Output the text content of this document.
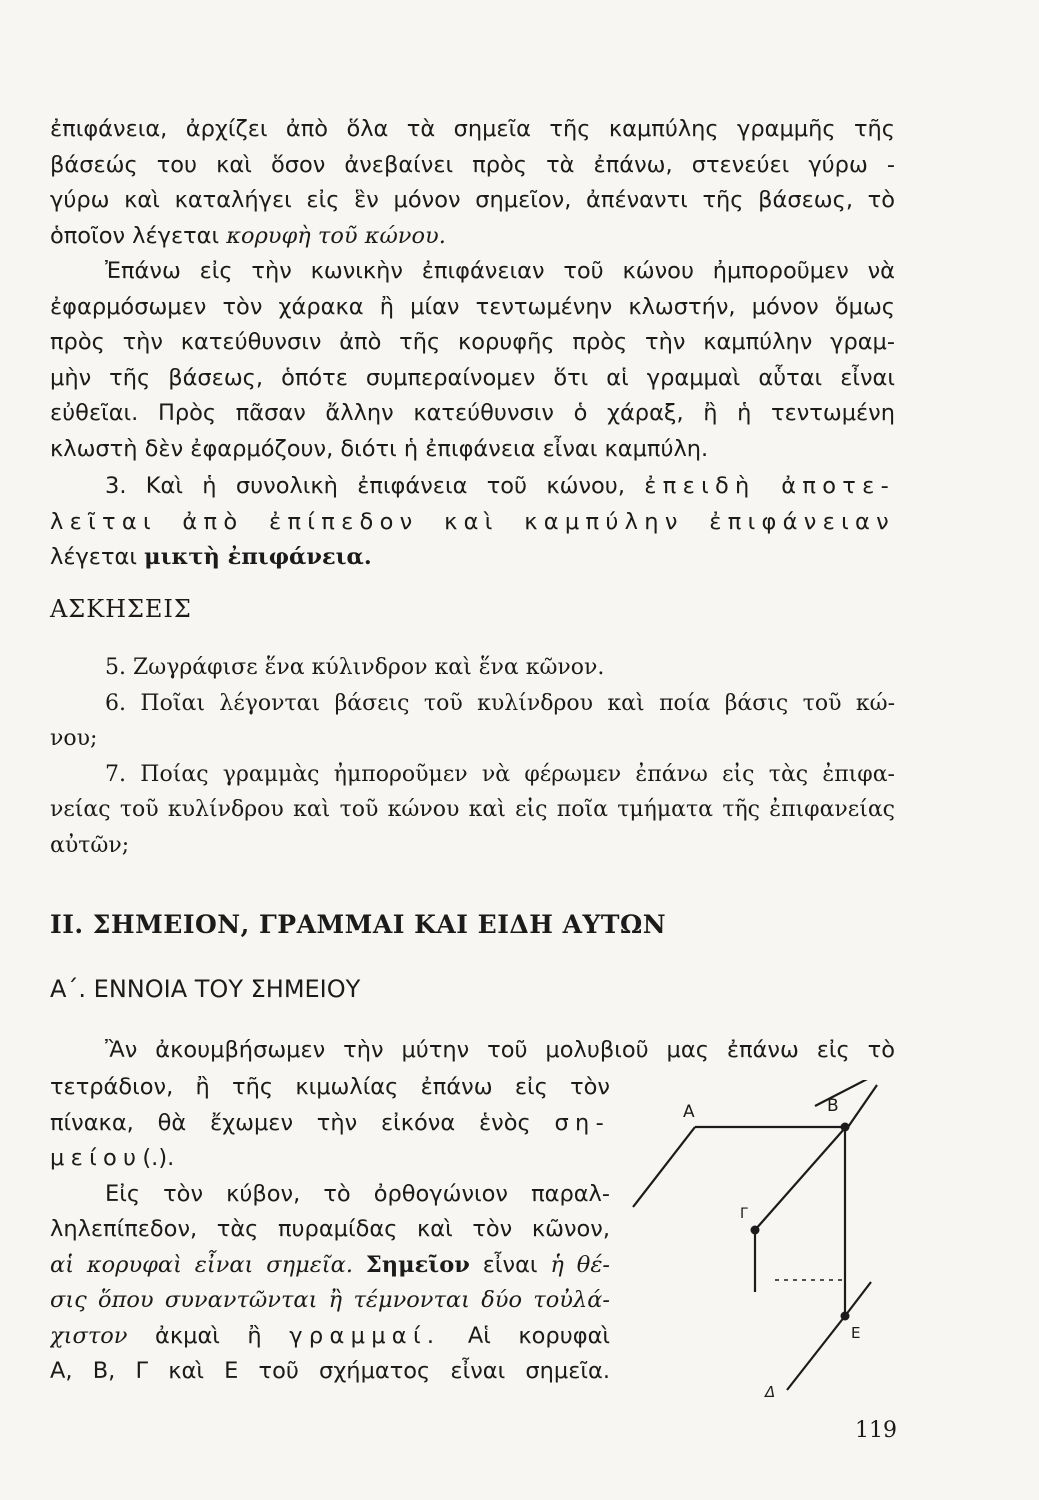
ἐπιφάνεια, ἀρχίζει ἀπὸ ὅλα τὰ σημεῖα τῆς καμπύλης γραμμῆς τῆς
βάσεώς του καὶ ὅσον ἀνεβαίνει πρὸς τὰ ἐπάνω, στενεύει γύρω -
γύρω καὶ καταλήγει εἰς ἓν μόνον σημεῖον, ἀπέναντι τῆς βάσεως, τὸ
ὁποῖον λέγεται κορυφὴ τοῦ κώνου.
Ἐπάνω εἰς τὴν κωνικὴν ἐπιφάνειαν τοῦ κώνου ἠμποροῦμεν νὰ
ἐφαρμόσωμεν τὸν χάρακα ἢ μίαν τεντωμένην κλωστήν, μόνον ὅμως
πρὸς τὴν κατεύθυνσιν ἀπὸ τῆς κορυφῆς πρὸς τὴν καμπύλην γραμ-
μὴν τῆς βάσεως, ὁπότε συμπεραίνομεν ὅτι αἱ γραμμαὶ αὗται εἶναι
εὐθεῖαι. Πρὸς πᾶσαν ἄλλην κατεύθυνσιν ὁ χάραξ, ἢ ἡ τεντωμένη
κλωστὴ δὲν ἐφαρμόζουν, διότι ἡ ἐπιφάνεια εἶναι καμπύλη.
3. Καὶ ἡ συνολικὴ ἐπιφάνεια τοῦ κώνου, ἐπειδὴ ἀποτε-
λεῖται ἀπὸ ἐπίπεδον καὶ καμπύλην ἐπιφάνειαν
λέγεται μικτὴ ἐπιφάνεια.
ΑΣΚΗΣΕΙΣ
5. Ζωγράφισε ἕνα κύλινδρον καὶ ἕνα κῶνον.
6. Ποῖαι λέγονται βάσεις τοῦ κυλίνδρου καὶ ποία βάσις τοῦ κώ-
νου;
7. Ποίας γραμμὰς ἠμποροῦμεν νὰ φέρωμεν ἐπάνω εἰς τὰς ἐπιφα-
νείας τοῦ κυλίνδρου καὶ τοῦ κώνου καὶ εἰς ποῖα τμήματα τῆς ἐπιφανείας
αὐτῶν;
II. ΣΗΜΕΙΟΝ, ΓΡΑΜΜΑΙ ΚΑΙ ΕΙΔΗ ΑΥΤΩΝ
Α΄. ΕΝΝΟΙΑ ΤΟΥ ΣΗΜΕΙΟΥ
Ἂν ἀκουμβήσωμεν τὴν μύτην τοῦ μολυβιοῦ μας ἐπάνω εἰς τὸ
τετράδιον, ἢ τῆς κιμωλίας ἐπάνω εἰς τὸν
πίνακα, θὰ ἔχωμεν τὴν εἰκόνα ἑνὸς ση-
μείου(.).
Εἰς τὸν κύβον, τὸ ὀρθογώνιον παραλ-
ληλεπίπεδον, τὰς πυραμίδας καὶ τὸν κῶνον,
αἱ κορυφαὶ εἶναι σημεῖα. Σημεῖον εἶναι ἡ θέ-
σις ὅπου συναντῶνται ἢ τέμνονται δύο τοὐλά-
χιστον ἀκμαὶ ἢ γραμμαί. Αἱ κορυφαὶ
Α, Β, Γ καὶ Ε τοῦ σχήματος εἶναι σημεῖα.
Α	Β
Γ
Ε
Δ
119
